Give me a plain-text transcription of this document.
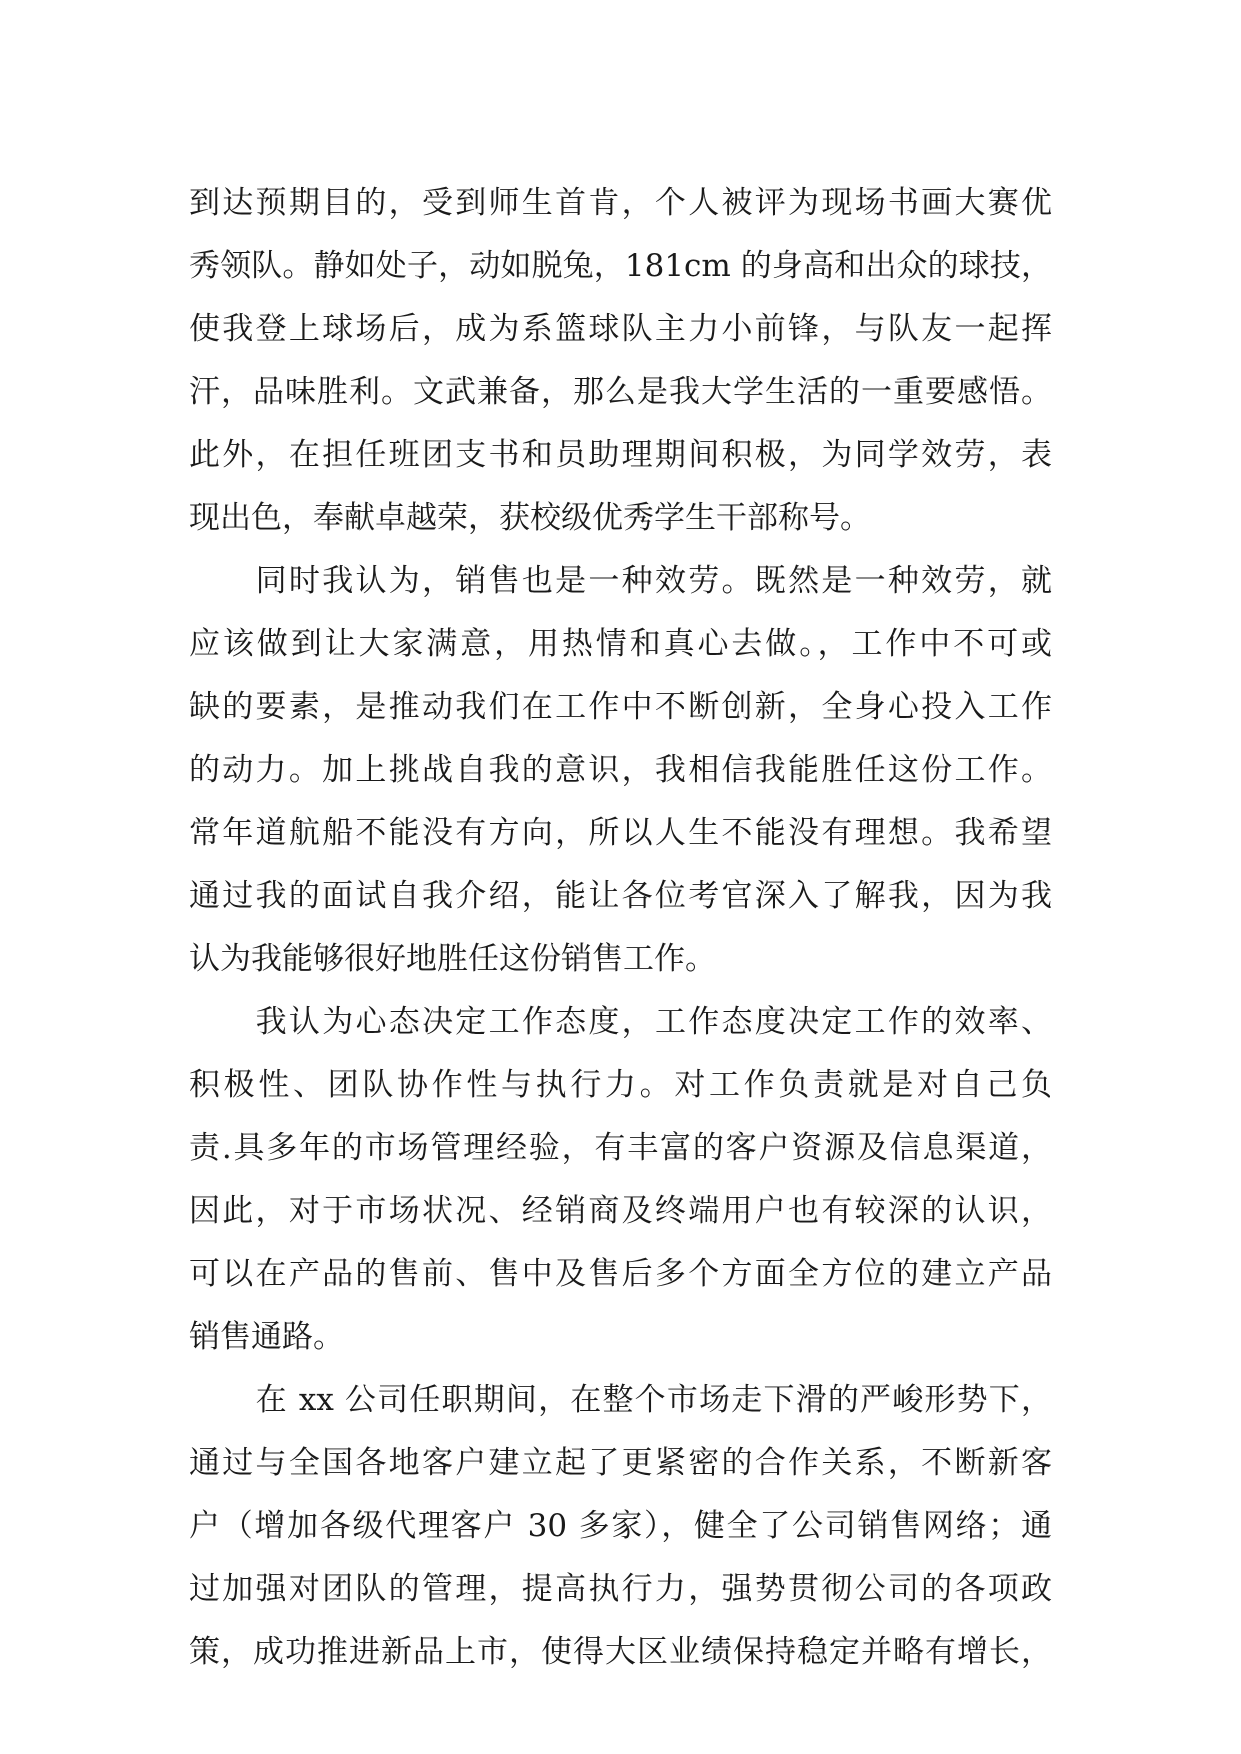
到达预期目的，受到师生首肯，个人被评为现场书画大赛优
秀领队。静如处子，动如脱兔，181cm 的身高和出众的球技，
使我登上球场后，成为系篮球队主力小前锋，与队友一起挥
汗，品味胜利。文武兼备，那么是我大学生活的一重要感悟。
此外，在担任班团支书和员助理期间积极，为同学效劳，表
现出色，奉献卓越荣，获校级优秀学生干部称号。
同时我认为，销售也是一种效劳。既然是一种效劳，就
应该做到让大家满意，用热情和真心去做。，工作中不可或
缺的要素，是推动我们在工作中不断创新，全身心投入工作
的动力。加上挑战自我的意识，我相信我能胜任这份工作。
常年道航船不能没有方向，所以人生不能没有理想。我希望
通过我的面试自我介绍，能让各位考官深入了解我，因为我
认为我能够很好地胜任这份销售工作。
我认为心态决定工作态度，工作态度决定工作的效率、
积极性、团队协作性与执行力。对工作负责就是对自己负
责.具多年的市场管理经验，有丰富的客户资源及信息渠道，
因此，对于市场状况、经销商及终端用户也有较深的认识，
可以在产品的售前、售中及售后多个方面全方位的建立产品
销售通路。
在 xx 公司任职期间，在整个市场走下滑的严峻形势下，
通过与全国各地客户建立起了更紧密的合作关系，不断新客
户（增加各级代理客户 30 多家），健全了公司销售网络；通
过加强对团队的管理，提高执行力，强势贯彻公司的各项政
策，成功推进新品上市，使得大区业绩保持稳定并略有增长，
